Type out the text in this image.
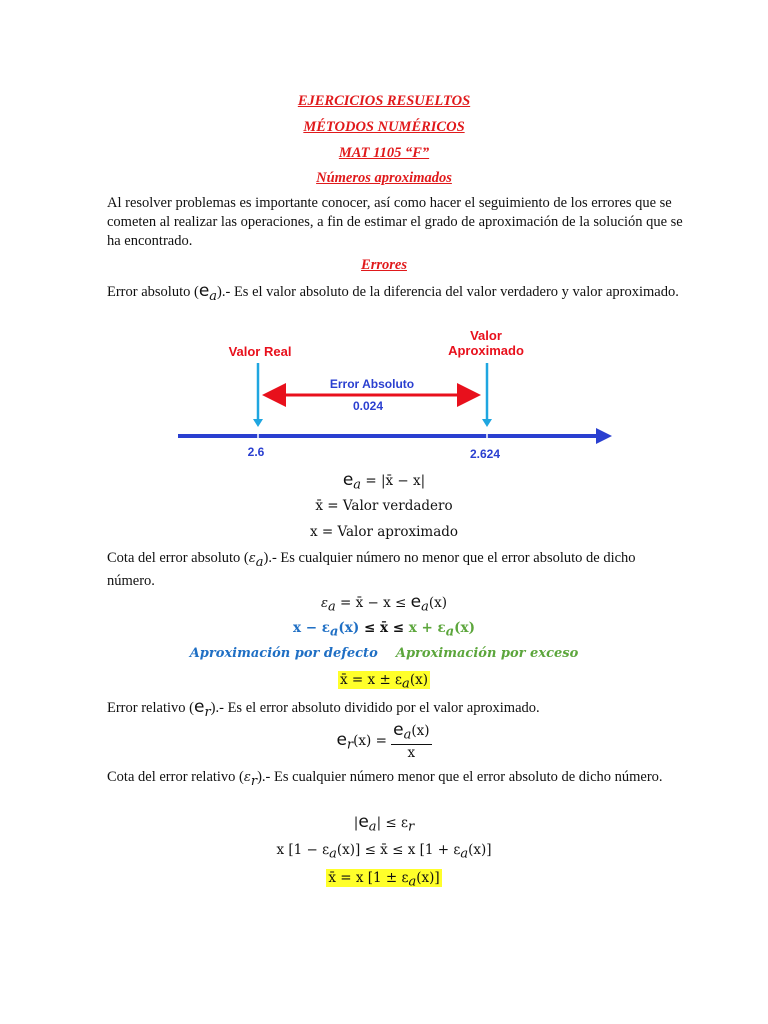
EJERCICIOS RESUELTOS
MÉTODOS NUMÉRICOS
MAT 1105 “F”
Números aproximados
Al resolver problemas es importante conocer, así como hacer el seguimiento de los errores que se cometen al realizar las operaciones, a fin de estimar el grado de aproximación de la solución que se ha encontrado.
Errores
Error absoluto $(e_a).-$ Es el valor absoluto de la diferencia del valor verdadero y valor aproximado.
Valor Real
Valor
Aproximado
Error Absoluto
0.024
2.6	2.624
$e_a$ = |x̄ − x|
x̄ = Valor verdadero
x = Valor aproximado
Cota del error absoluto $(\varepsilon_a).-$ Es cualquier número no menor que el error absoluto de dicho número.
$\varepsilon_a$ = x̄ − $x \le e_a(x)$
$x - \varepsilon_a(x)$ ≤ x̄ ≤ $x + \varepsilon_a(x)$
Aproximación por defecto Aproximación por exceso
x̄ = $x \pm \varepsilon_a(x)$
Error relativo $(e_r).-$ Es el error absoluto dividido por el valor aproximado.
$e_r(x) = \frac{e_a(x)}{x}$
Cota del error relativo $(\varepsilon_r).-$ Es cualquier número menor que el error absoluto de dicho número.
$|e_a| \le \varepsilon_r$
x $[1 - \varepsilon_a(x)]$ ≤ x̄ ≤ x $[1 + \varepsilon_a(x)]$
x̄ = x $[1 \pm \varepsilon_a(x)]$
